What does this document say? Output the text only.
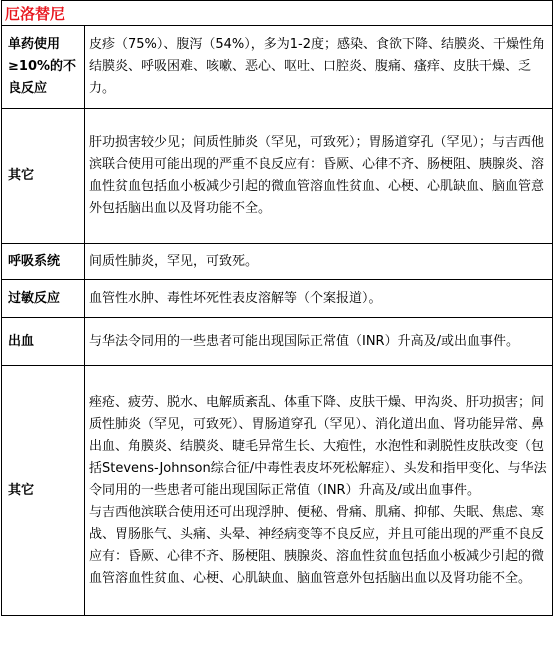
厄洛替尼	
单药使用≥10%的不良反应	皮疹（75%）、腹泻（54%），多为1-2度；感染、食欲下降、结膜炎、干燥性角结膜炎、呼吸困难、咳嗽、恶心、呕吐、口腔炎、腹痛、瘙痒、皮肤干燥、乏力。
其它	肝功损害较少见；间质性肺炎（罕见，可致死）；胃肠道穿孔（罕见）；与吉西他滨联合使用可能出现的严重不良反应有：昏厥、心律不齐、肠梗阻、胰腺炎、溶血性贫血包括血小板减少引起的微血管溶血性贫血、心梗、心肌缺血、脑血管意外包括脑出血以及肾功能不全。
呼吸系统	间质性肺炎，罕见，可致死。
过敏反应	血管性水肿、毒性坏死性表皮溶解等（个案报道）。
出血	与华法令同用的一些患者可能出现国际正常值（INR）升高及/或出血事件。
其它	痤疮、疲劳、脱水、电解质紊乱、体重下降、皮肤干燥、甲沟炎、肝功损害；间质性肺炎（罕见，可致死）、胃肠道穿孔（罕见）、消化道出血、肾功能异常、鼻出血、角膜炎、结膜炎、睫毛异常生长、大疱性，水泡性和剥脱性皮肤改变（包括Stevens-Johnson综合征/中毒性表皮坏死松解症）、头发和指甲变化、与华法令同用的一些患者可能出现国际正常值（INR）升高及/或出血事件。
与吉西他滨联合使用还可出现浮肿、便秘、骨痛、肌痛、抑郁、失眠、焦虑、寒战、胃肠胀气、头痛、头晕、神经病变等不良反应，并且可能出现的严重不良反应有：昏厥、心律不齐、肠梗阻、胰腺炎、溶血性贫血包括血小板减少引起的微血管溶血性贫血、心梗、心肌缺血、脑血管意外包括脑出血以及肾功能不全。
